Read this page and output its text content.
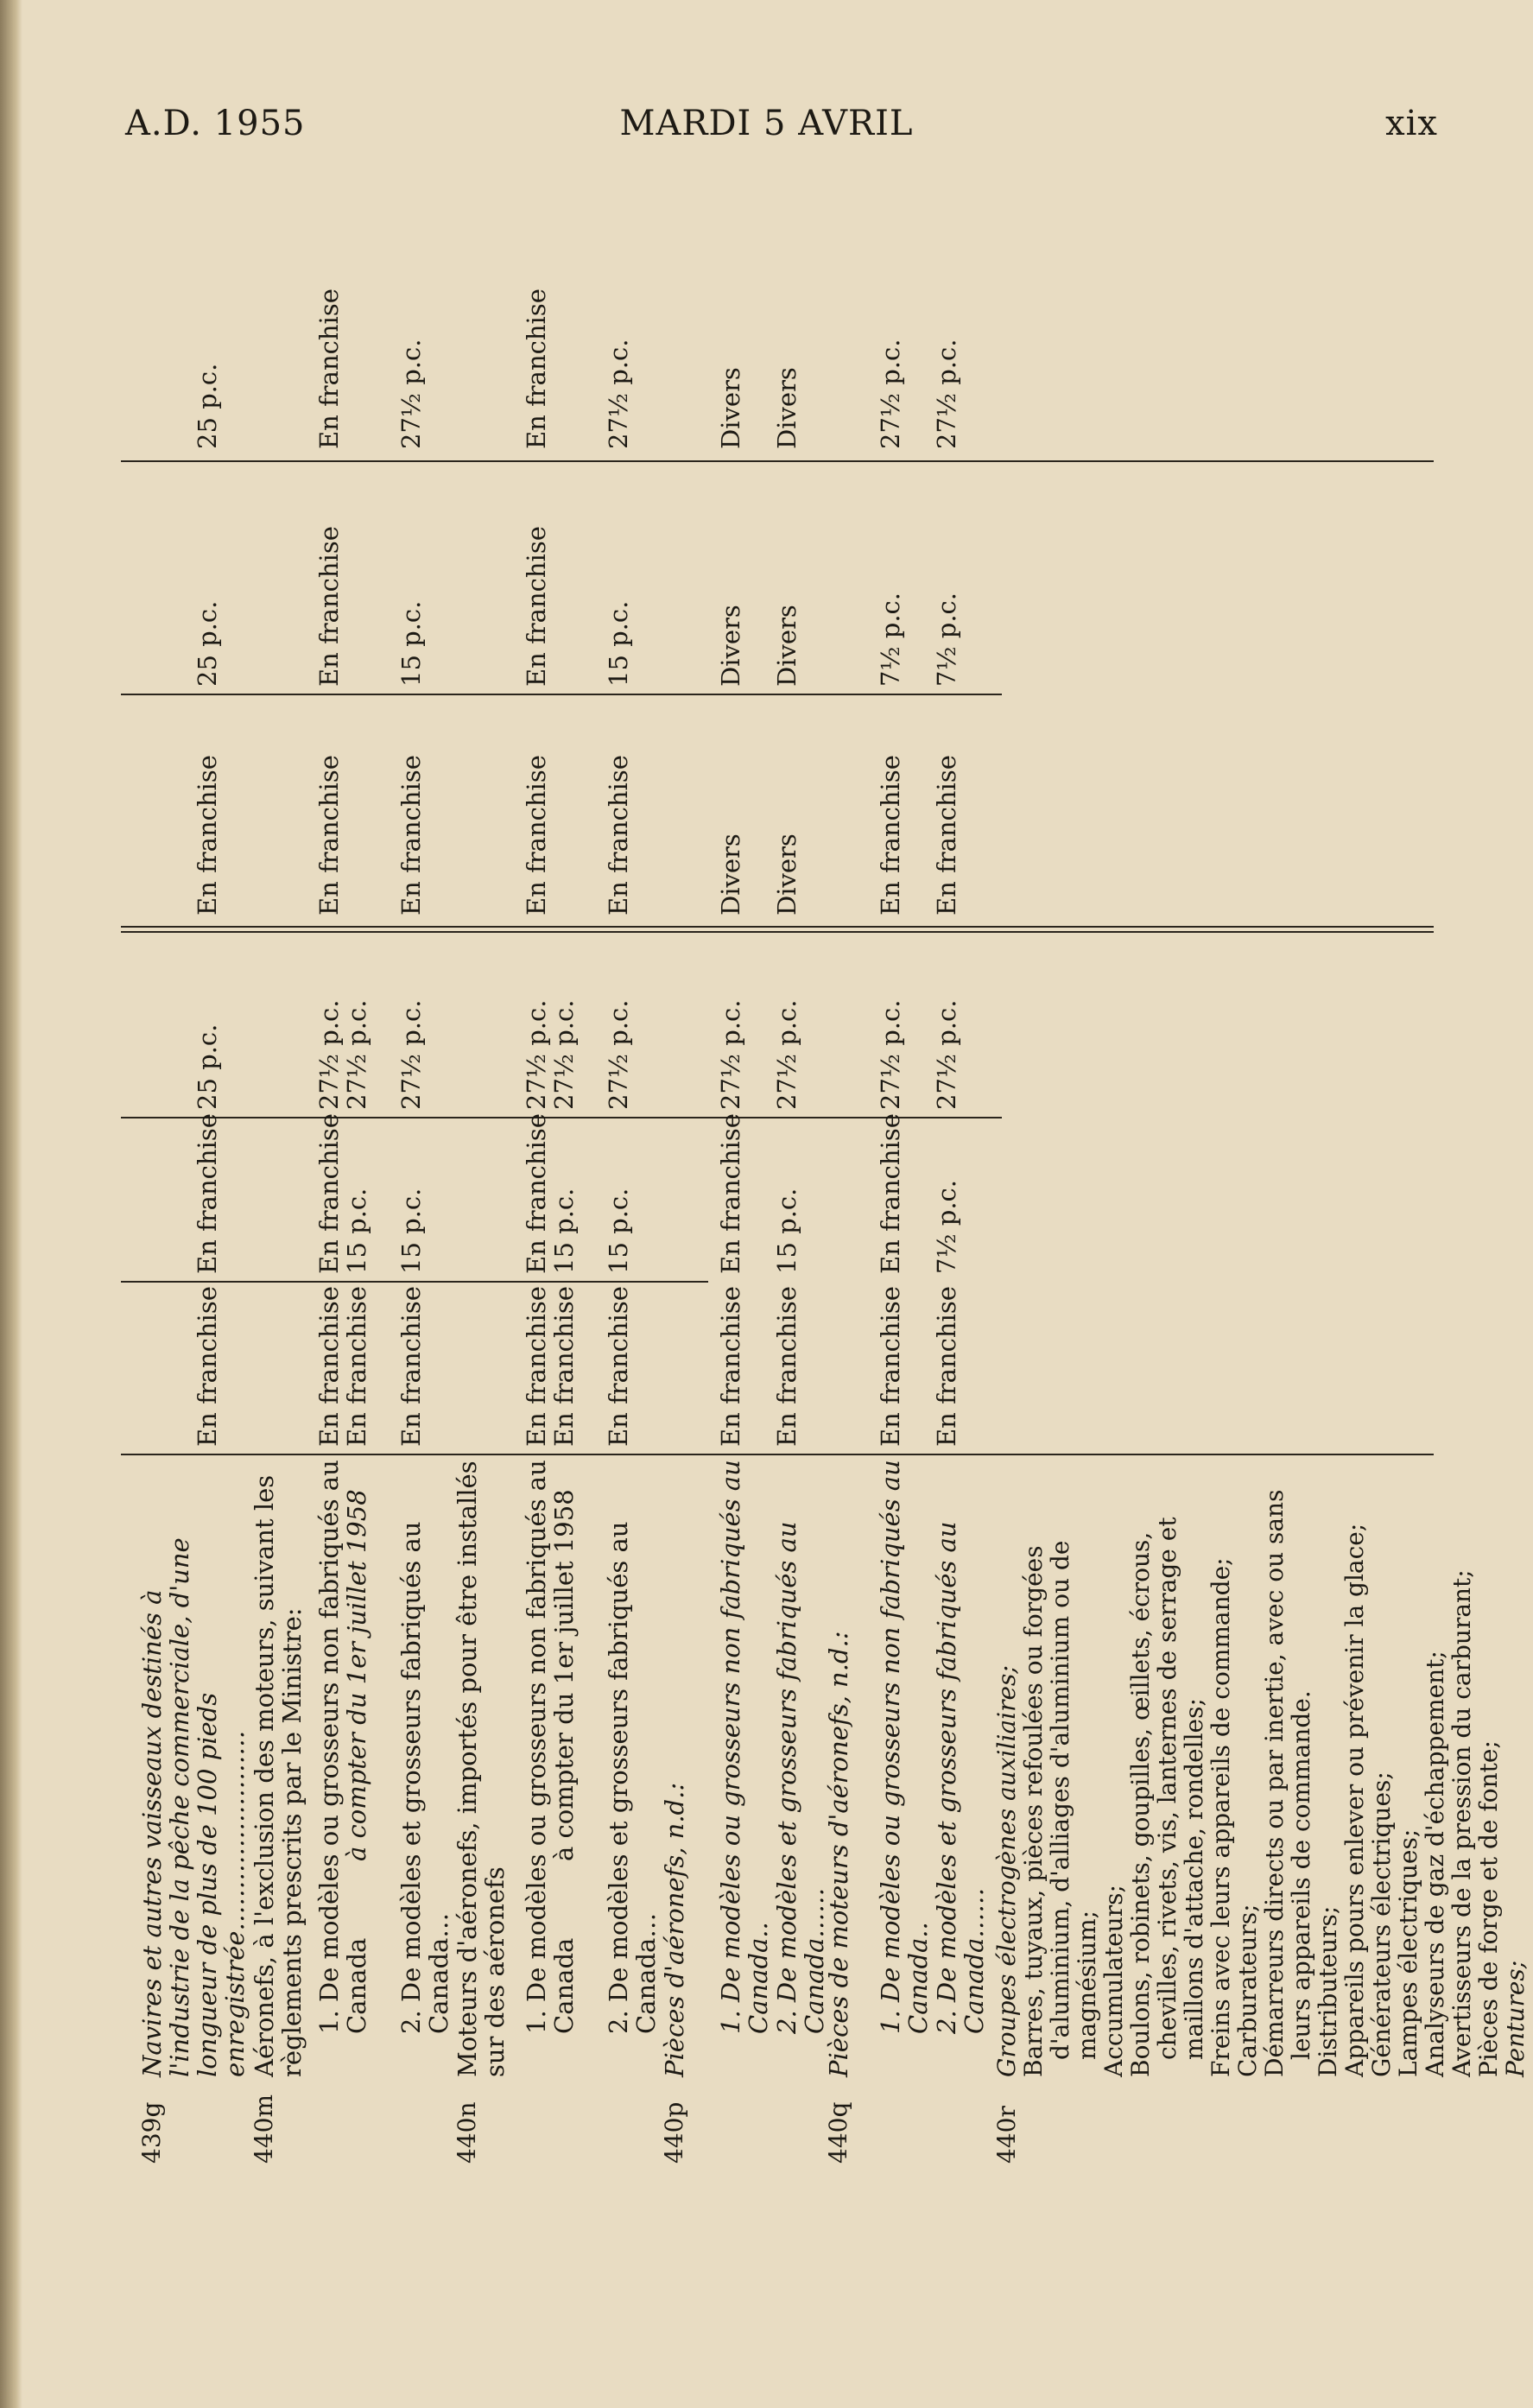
A.D. 1955	MARDI 5 AVRIL	xix
439g
Navires et autres vaisseaux destinés à l'industrie de la pêche commerciale, d'une longueur de plus de 100 pieds enregistrée……………………
En franchise
En franchise
25 p.c.
En franchise
25 p.c.
25 p.c.
440m
Aéronefs, à l'exclusion des moteurs, suivant les règlements prescrits par le Ministre: 1. De modèles ou grosseurs non fabriqués au Canada
à compter du 1er juillet 1958
En franchise
En franchise
27½ p.c.
En franchise
En franchise
En franchise
En franchise
15 p.c.
27½ p.c.
2. De modèles et grosseurs fabriqués au Canada…
En franchise
15 p.c.
27½ p.c.
En franchise
15 p.c.
27½ p.c.
440n
Moteurs d'aéronefs, importés pour être installés sur des aéronefs 1. De modèles ou grosseurs non fabriqués au Canada
à compter du 1er juillet 1958
En franchise
En franchise
27½ p.c.
En franchise
En franchise
En franchise
En franchise
15 p.c.
27½ p.c.
2. De modèles et grosseurs fabriqués au Canada…
En franchise
15 p.c.
27½ p.c.
En franchise
15 p.c.
27½ p.c.
440p
Pièces d'aéronefs, n.d.: 1. De modèles ou grosseurs non fabriqués au Canada..
En franchise
En franchise
27½ p.c.
Divers
Divers
Divers
2. De modèles et grosseurs fabriqués au Canada……
En franchise
15 p.c.
27½ p.c.
Divers
Divers
Divers
440q
Pièces de moteurs d'aéronefs, n.d.: 1. De modèles ou grosseurs non fabriqués au Canada..
En franchise
En franchise
27½ p.c.
En franchise
7½ p.c.
27½ p.c.
2. De modèles et grosseurs fabriqués au Canada……
En franchise
7½ p.c.
27½ p.c.
En franchise
7½ p.c.
27½ p.c.
440r
Groupes électrogènes auxiliaires;
Barres, tuyaux, pièces refoulées ou forgées d'aluminium, d'alliages d'aluminium ou de magnésium;
Accumulateurs;
Boulons, robinets, goupilles, œillets, écrous, chevilles, rivets, vis, lanternes de serrage et maillons d'attache, rondelles;
Freins avec leurs appareils de commande;
Carburateurs;
Démarreurs directs ou par inertie, avec ou sans leurs appareils de commande.
Distributeurs;
Appareils pours enlever ou prévenir la glace;
Générateurs électriques;
Lampes électriques;
Analyseurs de gaz d'échappement;
Avertisseurs de la pression du carburant;
Pièces de forge et de fonte;
Pentures;
